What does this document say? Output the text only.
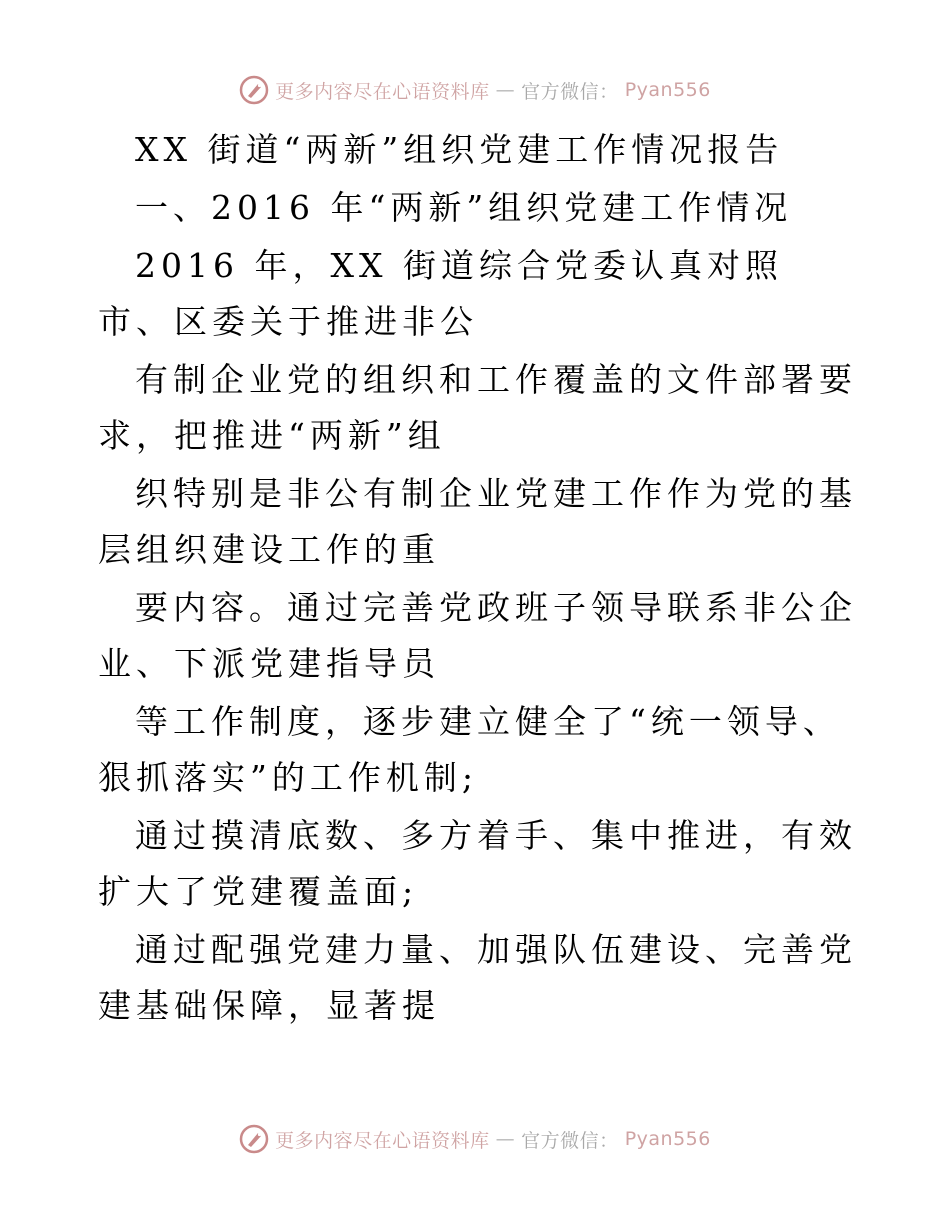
更多内容尽在心语资料库 — 官方微信： Pyan556

XX 街道“两新”组织党建工作情况报告

一、2016 年“两新”组织党建工作情况

2016 年，XX 街道综合党委认真对照市、区委关于推进非公

有制企业党的组织和工作覆盖的文件部署要求，把推进“两新”组

织特别是非公有制企业党建工作作为党的基层组织建设工作的重

要内容。通过完善党政班子领导联系非公企业、下派党建指导员

等工作制度，逐步建立健全了“统一领导、狠抓落实”的工作机制;

通过摸清底数、多方着手、集中推进，有效扩大了党建覆盖面;

通过配强党建力量、加强队伍建设、完善党建基础保障，显著提

更多内容尽在心语资料库 — 官方微信： Pyan556
